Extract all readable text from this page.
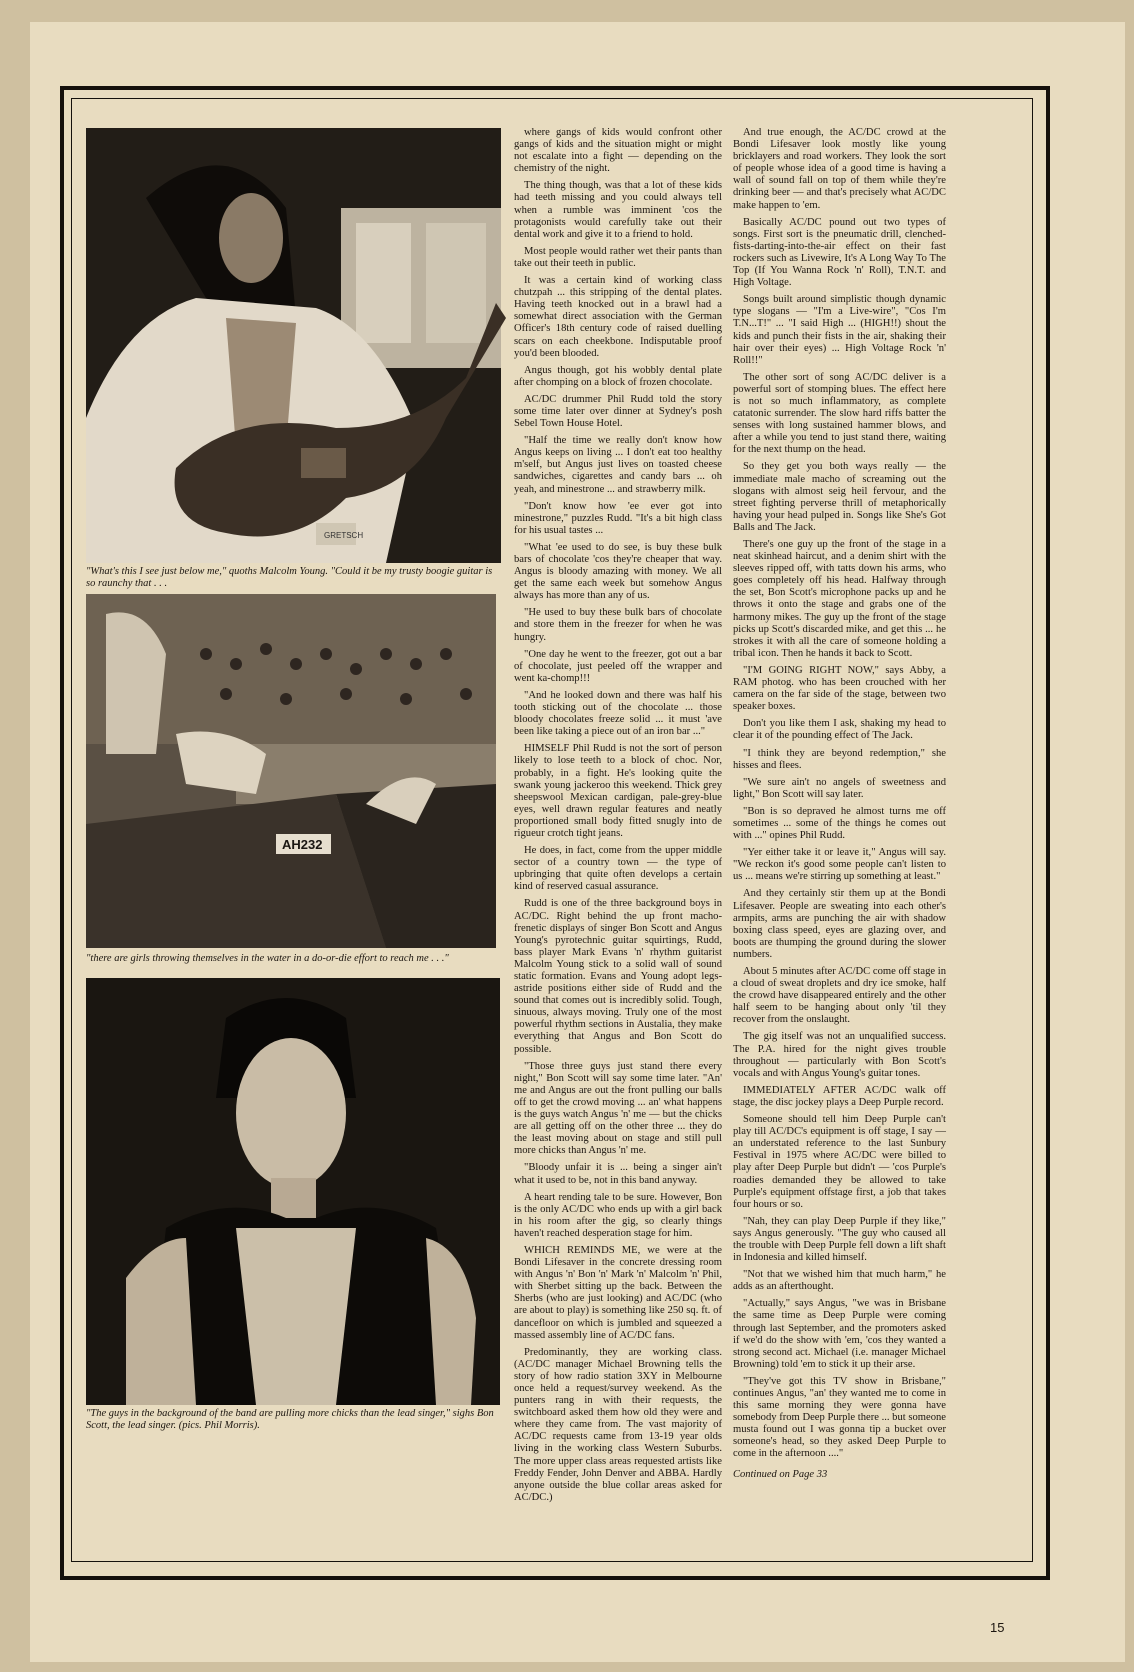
GRETSCH
"What's this I see just below me," quoths Malcolm Young. "Could it be my trusty boogie guitar is so raunchy that . . .
AH232
"there are girls throwing themselves in the water in a do-or-die effort to reach me . . ."
"The guys in the background of the band are pulling more chicks than the lead singer," sighs Bon Scott, the lead singer. (pics. Phil Morris).

where gangs of kids would confront other gangs of kids and the situation might or might not escalate into a fight — depending on the chemistry of the night.

The thing though, was that a lot of these kids had teeth missing and you could always tell when a rumble was imminent 'cos the protagonists would carefully take out their dental work and give it to a friend to hold.

Most people would rather wet their pants than take out their teeth in public.

It was a certain kind of working class chutzpah ... this stripping of the dental plates. Having teeth knocked out in a brawl had a somewhat direct association with the German Officer's 18th century code of raised duelling scars on each cheekbone. Indisputable proof you'd been blooded.

Angus though, got his wobbly dental plate after chomping on a block of frozen chocolate.

AC/DC drummer Phil Rudd told the story some time later over dinner at Sydney's posh Sebel Town House Hotel.

"Half the time we really don't know how Angus keeps on living ... I don't eat too healthy m'self, but Angus just lives on toasted cheese sandwiches, cigarettes and candy bars ... oh yeah, and minestrone ... and strawberry milk.

"Don't know how 'ee ever got into minestrone," puzzles Rudd. "It's a bit high class for his usual tastes ...

"What 'ee used to do see, is buy these bulk bars of chocolate 'cos they're cheaper that way. Angus is bloody amazing with money. We all get the same each week but somehow Angus always has more than any of us.

"He used to buy these bulk bars of chocolate and store them in the freezer for when he was hungry.

"One day he went to the freezer, got out a bar of chocolate, just peeled off the wrapper and went ka-chomp!!!

"And he looked down and there was half his tooth sticking out of the chocolate ... those bloody chocolates freeze solid ... it must 'ave been like taking a piece out of an iron bar ..."

HIMSELF Phil Rudd is not the sort of person likely to lose teeth to a block of choc. Nor, probably, in a fight. He's looking quite the swank young jackeroo this weekend. Thick grey sheepswool Mexican cardigan, pale-grey-blue eyes, well drawn regular features and neatly proportioned small body fitted snugly into de rigueur crotch tight jeans.

He does, in fact, come from the upper middle sector of a country town — the type of upbringing that quite often develops a certain kind of reserved casual assurance.

Rudd is one of the three background boys in AC/DC. Right behind the up front macho-frenetic displays of singer Bon Scott and Angus Young's pyrotechnic guitar squirtings, Rudd, bass player Mark Evans 'n' rhythm guitarist Malcolm Young stick to a solid wall of sound static formation. Evans and Young adopt legs-astride positions either side of Rudd and the sound that comes out is incredibly solid. Tough, sinuous, always moving. Truly one of the most powerful rhythm sections in Austalia, they make everything that Angus and Bon Scott do possible.

"Those three guys just stand there every night," Bon Scott will say some time later. "An' me and Angus are out the front pulling our balls off to get the crowd moving ... an' what happens is the guys watch Angus 'n' me — but the chicks are all getting off on the other three ... they do the least moving about on stage and still pull more chicks than Angus 'n' me.

"Bloody unfair it is ... being a singer ain't what it used to be, not in this band anyway.

A heart rending tale to be sure. However, Bon is the only AC/DC who ends up with a girl back in his room after the gig, so clearly things haven't reached desperation stage for him.

WHICH REMINDS ME, we were at the Bondi Lifesaver in the concrete dressing room with Angus 'n' Bon 'n' Mark 'n' Malcolm 'n' Phil, with Sherbet sitting up the back. Between the Sherbs (who are just looking) and AC/DC (who are about to play) is something like 250 sq. ft. of dancefloor on which is jumbled and squeezed a massed assembly line of AC/DC fans.

Predominantly, they are working class. (AC/DC manager Michael Browning tells the story of how radio station 3XY in Melbourne once held a request/survey weekend. As the punters rang in with their requests, the switchboard asked them how old they were and where they came from. The vast majority of AC/DC requests came from 13-19 year olds living in the working class Western Suburbs. The more upper class areas requested artists like Freddy Fender, John Denver and ABBA. Hardly anyone outside the blue collar areas asked for AC/DC.)

And true enough, the AC/DC crowd at the Bondi Lifesaver look mostly like young bricklayers and road workers. They look the sort of people whose idea of a good time is having a wall of sound fall on top of them while they're drinking beer — and that's precisely what AC/DC make happen to 'em.

Basically AC/DC pound out two types of songs. First sort is the pneumatic drill, clenched-fists-darting-into-the-air effect on their fast rockers such as Livewire, It's A Long Way To The Top (If You Wanna Rock 'n' Roll), T.N.T. and High Voltage.

Songs built around simplistic though dynamic type slogans — "I'm a Live-wire", "Cos I'm T.N...T!" ... "I said High ... (HIGH!!) shout the kids and punch their fists in the air, shaking their hair over their eyes) ... High Voltage Rock 'n' Roll!!"

The other sort of song AC/DC deliver is a powerful sort of stomping blues. The effect here is not so much inflammatory, as complete catatonic surrender. The slow hard riffs batter the senses with long sustained hammer blows, and after a while you tend to just stand there, waiting for the next thump on the head.

So they get you both ways really — the immediate male macho of screaming out the slogans with almost seig heil fervour, and the street fighting perverse thrill of metaphorically having your head pulped in. Songs like She's Got Balls and The Jack.

There's one guy up the front of the stage in a neat skinhead haircut, and a denim shirt with the sleeves ripped off, with tatts down his arms, who goes completely off his head. Halfway through the set, Bon Scott's microphone packs up and he throws it onto the stage and grabs one of the harmony mikes. The guy up the front of the stage picks up Scott's discarded mike, and get this ... he strokes it with all the care of someone holding a tribal icon. Then he hands it back to Scott.

"I'M GOING RIGHT NOW," says Abby, a RAM photog. who has been crouched with her camera on the far side of the stage, between two speaker boxes.

Don't you like them I ask, shaking my head to clear it of the pounding effect of The Jack.

"I think they are beyond redemption," she hisses and flees.

"We sure ain't no angels of sweetness and light," Bon Scott will say later.

"Bon is so depraved he almost turns me off sometimes ... some of the things he comes out with ..." opines Phil Rudd.

"Yer either take it or leave it," Angus will say. "We reckon it's good some people can't listen to us ... means we're stirring up something at least."

And they certainly stir them up at the Bondi Lifesaver. People are sweating into each other's armpits, arms are punching the air with shadow boxing class speed, eyes are glazing over, and boots are thumping the ground during the slower numbers.

About 5 minutes after AC/DC come off stage in a cloud of sweat droplets and dry ice smoke, half the crowd have disappeared entirely and the other half seem to be hanging about only 'til they recover from the onslaught.

The gig itself was not an unqualified success. The P.A. hired for the night gives trouble throughout — particularly with Bon Scott's vocals and with Angus Young's guitar tones.

IMMEDIATELY AFTER AC/DC walk off stage, the disc jockey plays a Deep Purple record.

Someone should tell him Deep Purple can't play till AC/DC's equipment is off stage, I say — an understated reference to the last Sunbury Festival in 1975 where AC/DC were billed to play after Deep Purple but didn't — 'cos Purple's roadies demanded they be allowed to take Purple's equipment offstage first, a job that takes four hours or so.

"Nah, they can play Deep Purple if they like," says Angus generously. "The guy who caused all the trouble with Deep Purple fell down a lift shaft in Indonesia and killed himself.

"Not that we wished him that much harm," he adds as an afterthought.

"Actually," says Angus, "we was in Brisbane the same time as Deep Purple were coming through last September, and the promoters asked if we'd do the show with 'em, 'cos they wanted a strong second act. Michael (i.e. manager Michael Browning) told 'em to stick it up their arse.

"They've got this TV show in Brisbane," continues Angus, "an' they wanted me to come in this same morning they were gonna have somebody from Deep Purple there ... but someone musta found out I was gonna tip a bucket over someone's head, so they asked Deep Purple to come in the afternoon ...."

Continued on Page 33
15
